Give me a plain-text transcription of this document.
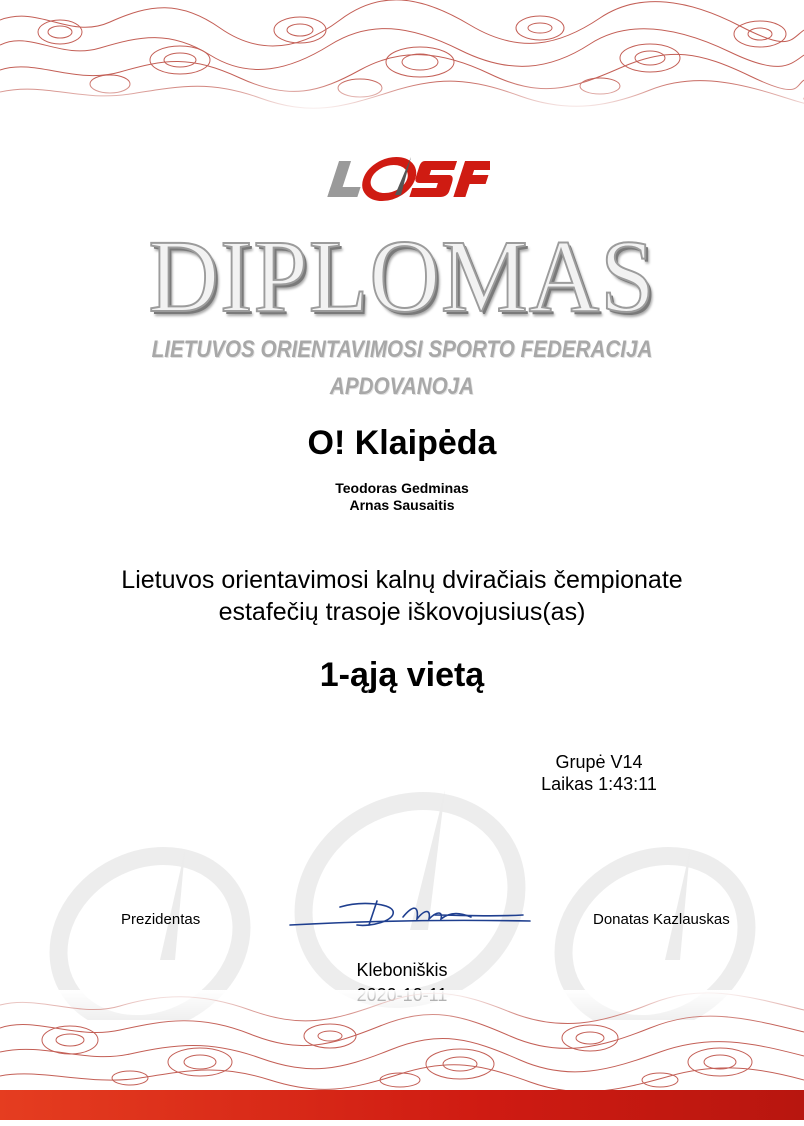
DIPLOMAS
LIETUVOS ORIENTAVIMOSI SPORTO FEDERACIJA
APDOVANOJA
O! Klaipėda
Teodoras Gedminas
Arnas Sausaitis
Lietuvos orientavimosi kalnų dviračiais čempionate
estafečių trasoje iškovojusius(as)
1-ąją vietą
Grupė V14
Laikas 1:43:11
Prezidentas	Donatas Kazlauskas
Kleboniškis
